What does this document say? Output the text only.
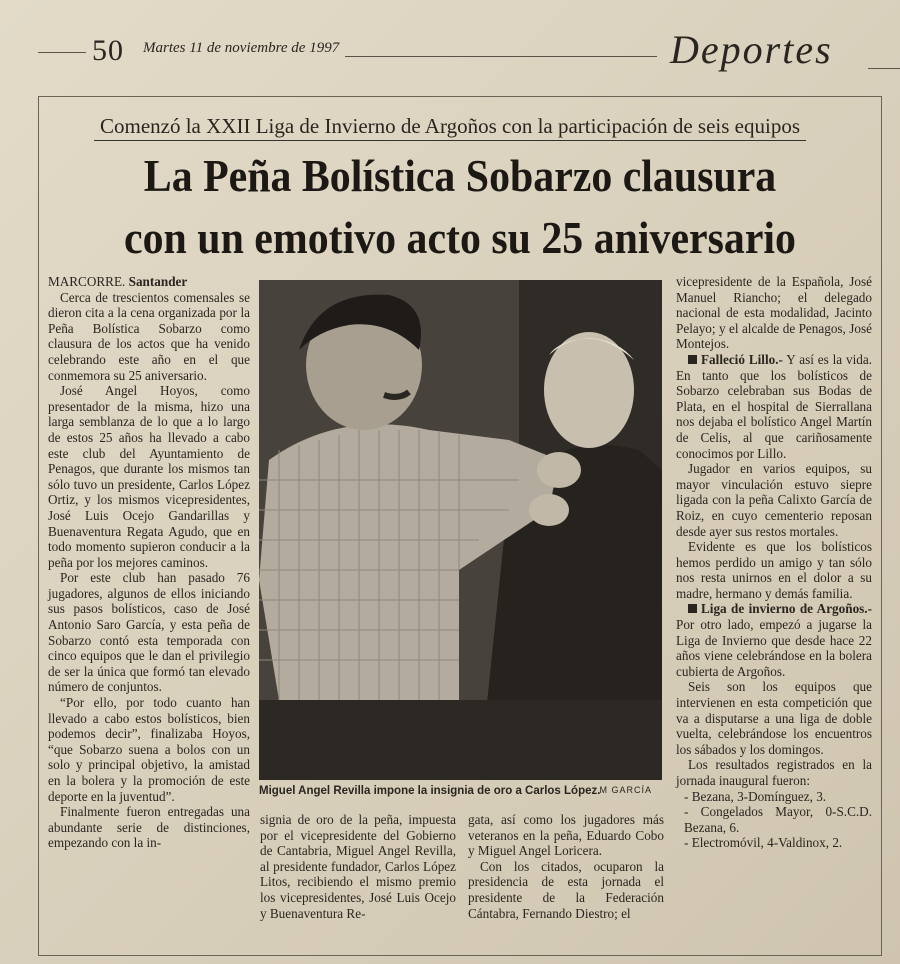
50 Martes 11 de noviembre de 1997	Deportes
Comenzó la XXII Liga de Invierno de Argoños con la participación de seis equipos
La Peña Bolística Sobarzo clausura
con un emotivo acto su 25 aniversario

MARCORRE. Santander

Cerca de trescientos comensales se dieron cita a la cena organizada por la Peña Bolística Sobarzo como clausura de los actos que ha venido celebrando este año en el que conmemora su 25 aniversario.

José Angel Hoyos, como presentador de la misma, hizo una larga semblanza de lo que a lo largo de estos 25 años ha llevado a cabo este club del Ayuntamiento de Penagos, que durante los mismos tan sólo tuvo un presidente, Carlos López Ortiz, y los mismos vicepresidentes, José Luis Ocejo Gandarillas y Buenaventura Regata Agudo, que en todo momento supieron conducir a la peña por los mejores caminos.

Por este club han pasado 76 jugadores, algunos de ellos iniciando sus pasos bolísticos, caso de José Antonio Saro García, y esta peña de Sobarzo contó esta temporada con cinco equipos que le dan el privilegio de ser la única que formó tan elevado número de conjuntos.

“Por ello, por todo cuanto han llevado a cabo estos bolísticos, bien podemos decir”, finalizaba Hoyos, “que Sobarzo suena a bolos con un solo y principal objetivo, la amistad en la bolera y la promoción de este deporte en la juventud”.

Finalmente fueron entregadas una abundante serie de distinciones, empezando con la in-

Miguel Angel Revilla impone la insignia de oro a Carlos López. M GARCÍA

signia de oro de la peña, impuesta por el vicepresidente del Gobierno de Cantabria, Miguel Angel Revilla, al presidente fundador, Carlos López Litos, recibiendo el mismo premio los vicepresidentes, José Luis Ocejo y Buenaventura Re-

gata, así como los jugadores más veteranos en la peña, Eduardo Cobo y Miguel Angel Loricera.

Con los citados, ocuparon la presidencia de esta jornada el presidente de la Federación Cántabra, Fernando Diestro; el

vicepresidente de la Española, José Manuel Riancho; el delegado nacional de esta modalidad, Jacinto Pelayo; y el alcalde de Penagos, José Montejos.

Falleció Lillo.- Y así es la vida. En tanto que los bolísticos de Sobarzo celebraban sus Bodas de Plata, en el hospital de Sierrallana nos dejaba el bolístico Angel Martín de Celis, al que cariñosamente conocimos por Lillo.

Jugador en varios equipos, su mayor vinculación estuvo siepre ligada con la peña Calixto García de Roiz, en cuyo cementerio reposan desde ayer sus restos mortales.

Evidente es que los bolísticos hemos perdido un amigo y tan sólo nos resta unirnos en el dolor a su madre, hermano y demás familia.

Liga de invierno de Argoños.- Por otro lado, empezó a jugarse la Liga de Invierno que desde hace 22 años viene celebrándose en la bolera cubierta de Argoños.

Seis son los equipos que intervienen en esta competición que va a disputarse a una liga de doble vuelta, celebrándose los encuentros los sábados y los domingos.

Los resultados registrados en la jornada inaugural fueron:

- Bezana, 3-Domínguez, 3.
- Congelados Mayor, 0-S.C.D. Bezana, 6.
- Electromóvil, 4-Valdinox, 2.
